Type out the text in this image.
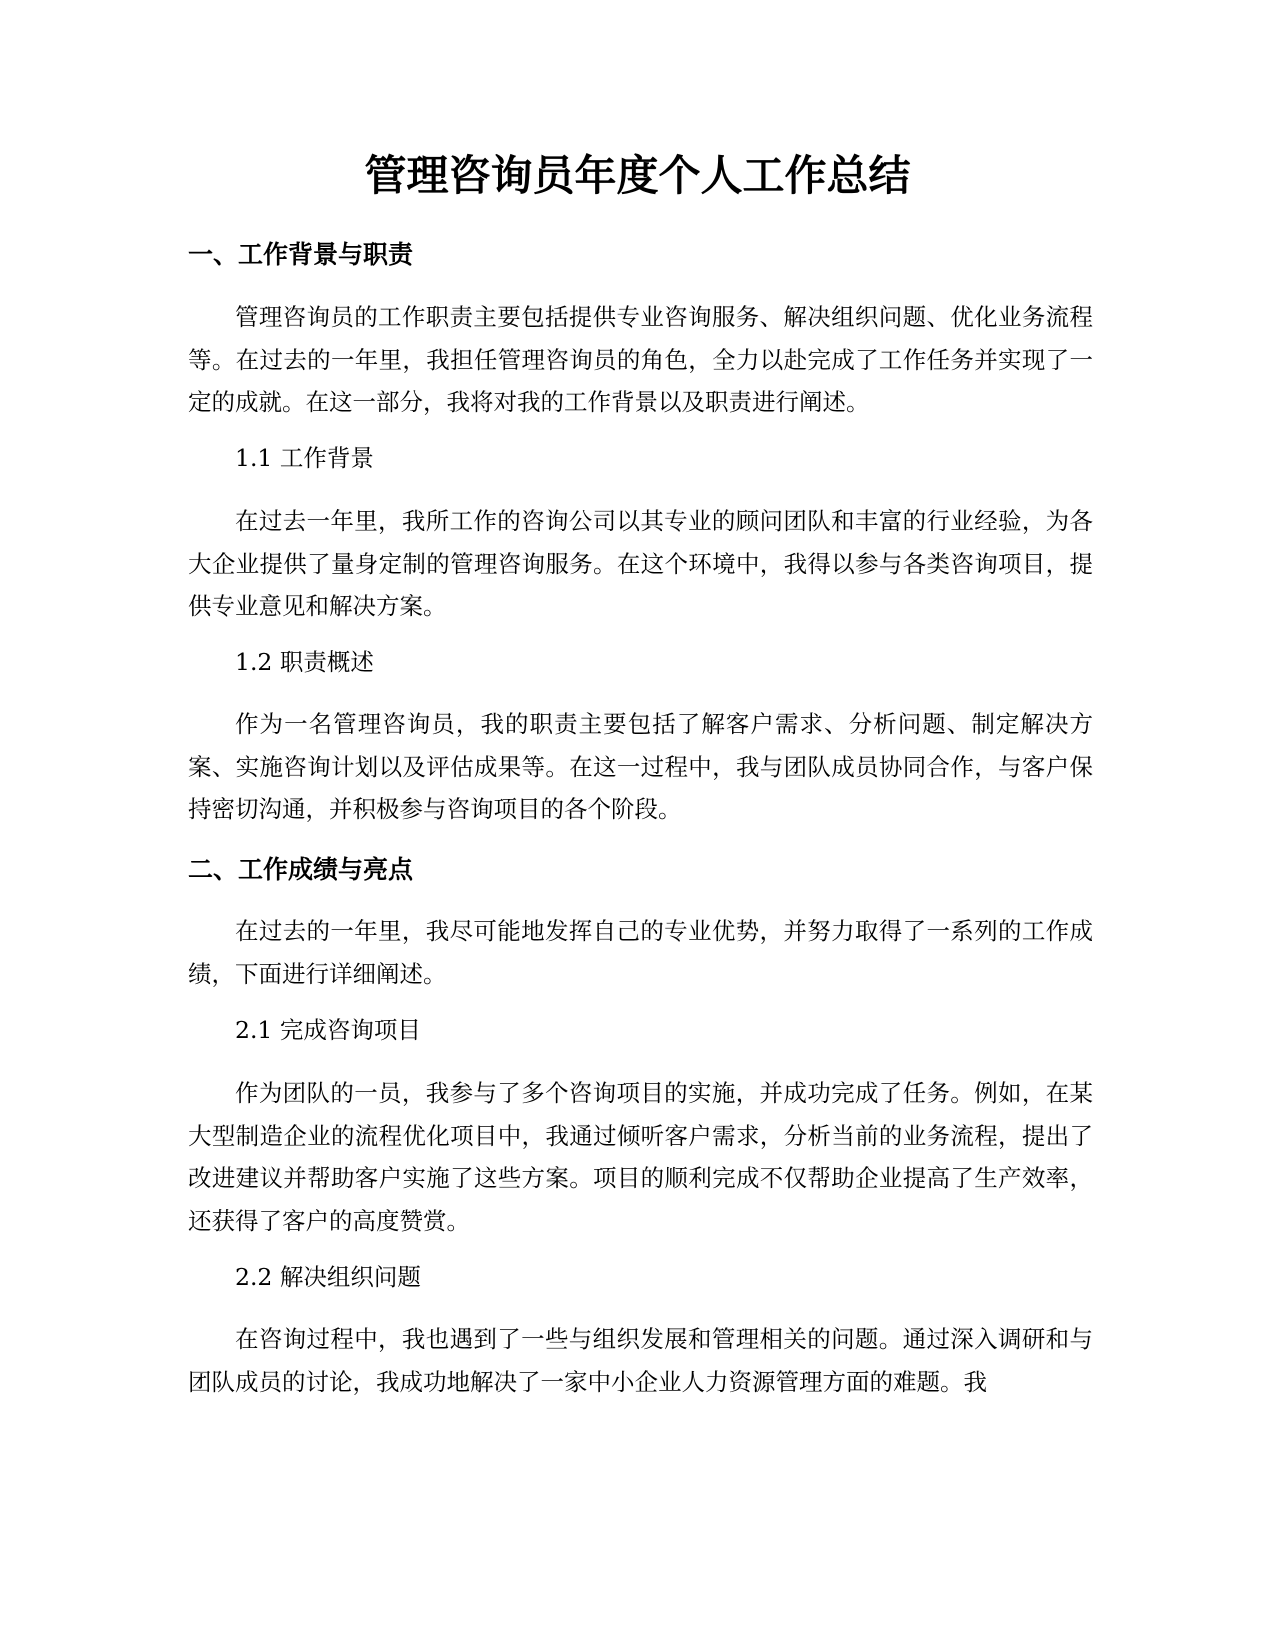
管理咨询员年度个人工作总结
一、工作背景与职责

管理咨询员的工作职责主要包括提供专业咨询服务、解决组织问题、优化业务流程等。在过去的一年里，我担任管理咨询员的角色，全力以赴完成了工作任务并实现了一定的成就。在这一部分，我将对我的工作背景以及职责进行阐述。

1.1 工作背景

在过去一年里，我所工作的咨询公司以其专业的顾问团队和丰富的行业经验，为各大企业提供了量身定制的管理咨询服务。在这个环境中，我得以参与各类咨询项目，提供专业意见和解决方案。

1.2 职责概述

作为一名管理咨询员，我的职责主要包括了解客户需求、分析问题、制定解决方案、实施咨询计划以及评估成果等。在这一过程中，我与团队成员协同合作，与客户保持密切沟通，并积极参与咨询项目的各个阶段。

二、工作成绩与亮点

在过去的一年里，我尽可能地发挥自己的专业优势，并努力取得了一系列的工作成绩，下面进行详细阐述。

2.1 完成咨询项目

作为团队的一员，我参与了多个咨询项目的实施，并成功完成了任务。例如，在某大型制造企业的流程优化项目中，我通过倾听客户需求，分析当前的业务流程，提出了改进建议并帮助客户实施了这些方案。项目的顺利完成不仅帮助企业提高了生产效率，还获得了客户的高度赞赏。

2.2 解决组织问题

在咨询过程中，我也遇到了一些与组织发展和管理相关的问题。通过深入调研和与团队成员的讨论，我成功地解决了一家中小企业人力资源管理方面的难题。我
